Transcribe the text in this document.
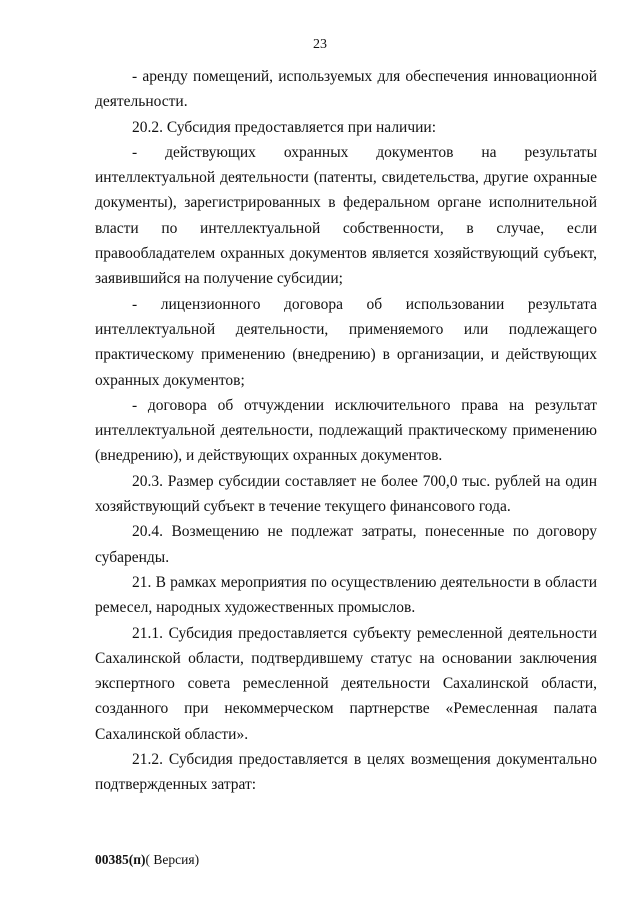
23

- аренду помещений, используемых для обеспечения инновационной деятельности.

20.2. Субсидия предоставляется при наличии:

- действующих охранных документов на результаты интеллектуальной деятельности (патенты, свидетельства, другие охранные документы), зарегистрированных в федеральном органе исполнительной власти по интеллектуальной собственности, в случае, если правообладателем охранных документов является хозяйствующий субъект, заявившийся на получение субсидии;

- лицензионного договора об использовании результата интеллектуальной деятельности, применяемого или подлежащего практическому применению (внедрению) в организации, и действующих охранных документов;

- договора об отчуждении исключительного права на результат интеллектуальной деятельности, подлежащий практическому применению (внедрению), и действующих охранных документов.

20.3. Размер субсидии составляет не более 700,0 тыс. рублей на один хозяйствующий субъект в течение текущего финансового года.

20.4. Возмещению не подлежат затраты, понесенные по договору субаренды.

21. В рамках мероприятия по осуществлению деятельности в области ремесел, народных художественных промыслов.

21.1. Субсидия предоставляется субъекту ремесленной деятельности Сахалинской области, подтвердившему статус на основании заключения экспертного совета ремесленной деятельности Сахалинской области, созданного при некоммерческом партнерстве «Ремесленная палата Сахалинской области».

21.2. Субсидия предоставляется в целях возмещения документально подтвержденных затрат:

00385(п)( Версия)
